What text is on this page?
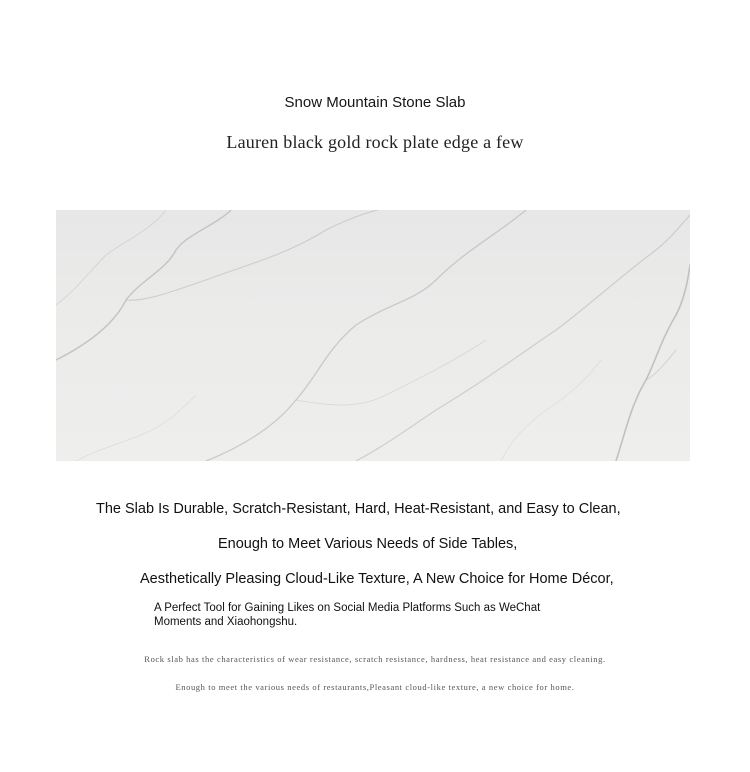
Snow Mountain Stone Slab
Lauren black gold rock plate edge a few
The Slab Is Durable, Scratch-Resistant, Hard, Heat-Resistant, and Easy to Clean,
Enough to Meet Various Needs of Side Tables,
Aesthetically Pleasing Cloud-Like Texture, A New Choice for Home Décor,
A Perfect Tool for Gaining Likes on Social Media Platforms Such as WeChat Moments and Xiaohongshu.
Rock slab has the characteristics of wear resistance, scratch resistance, hardness, heat resistance and easy cleaning.
Enough to meet the various needs of restaurants,Pleasant cloud-like texture, a new choice for home.
